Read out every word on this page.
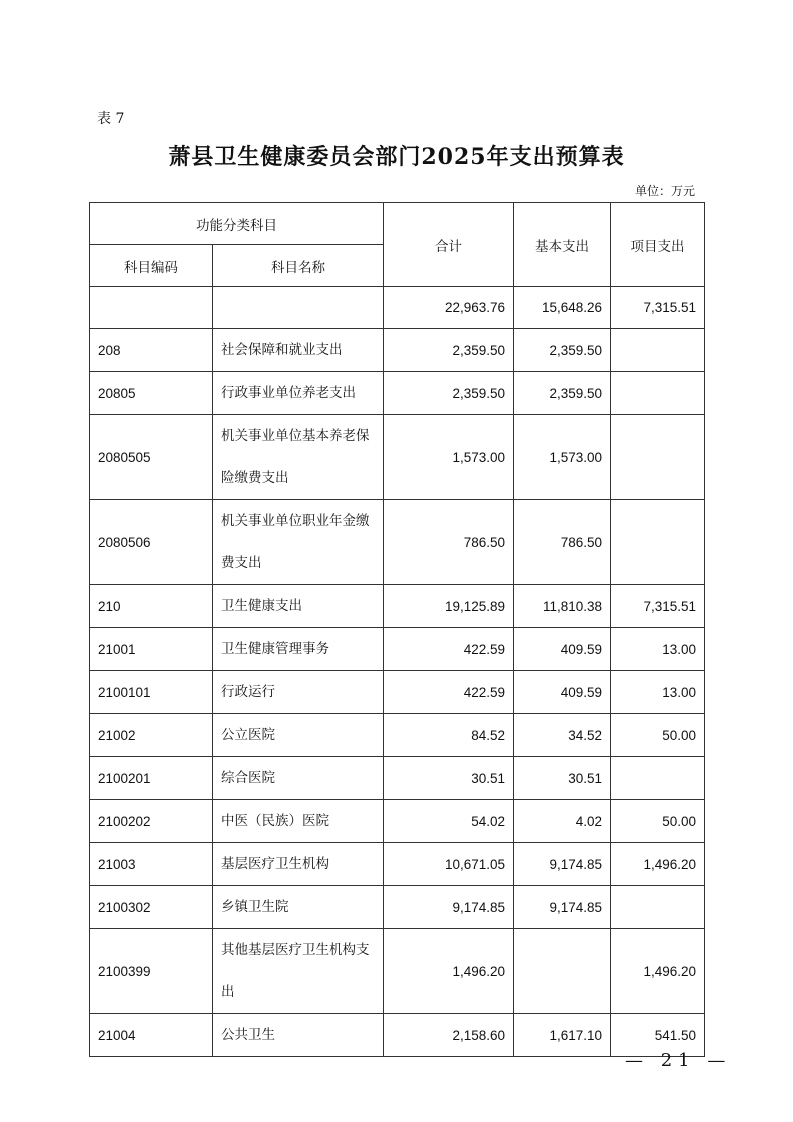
表 7
萧县卫生健康委员会部门2025年支出预算表
单位：万元
功能分类科目		合计	基本支出	项目支出
科目编码	科目名称			
		22,963.76	15,648.26	7,315.51
208	社会保障和就业支出	2,359.50	2,359.50	
20805	行政事业单位养老支出	2,359.50	2,359.50	
2080505	机关事业单位基本养老保险缴费支出	1,573.00	1,573.00	
2080506	机关事业单位职业年金缴费支出	786.50	786.50	
210	卫生健康支出	19,125.89	11,810.38	7,315.51
21001	卫生健康管理事务	422.59	409.59	13.00
2100101	行政运行	422.59	409.59	13.00
21002	公立医院	84.52	34.52	50.00
2100201	综合医院	30.51	30.51	
2100202	中医（民族）医院	54.02	4.02	50.00
21003	基层医疗卫生机构	10,671.05	9,174.85	1,496.20
2100302	乡镇卫生院	9,174.85	9,174.85	
2100399	其他基层医疗卫生机构支出	1,496.20		1,496.20
21004	公共卫生	2,158.60	1,617.10	541.50
— 21 —
